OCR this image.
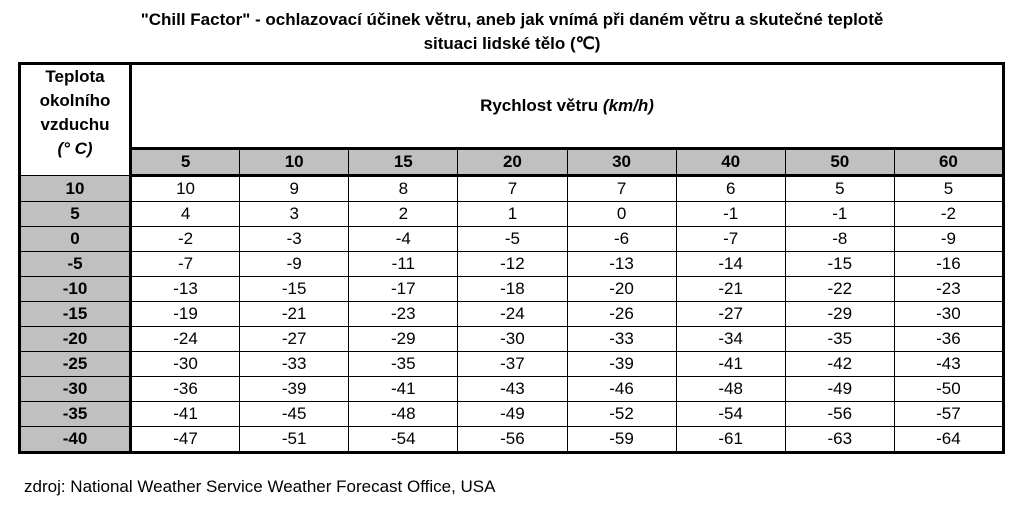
"Chill Factor" - ochlazovací účinek větru, aneb jak vnímá při daném větru a skutečné teplotě
situaci lidské tělo (℃)
Teplota
okolního
vzduchu
(° C)	Rychlost větru (km/h)							
	5	10	15	20	30	40	50	60
10	10	9	8	7	7	6	5	5
5	4	3	2	1	0	-1	-1	-2
0	-2	-3	-4	-5	-6	-7	-8	-9
-5	-7	-9	-11	-12	-13	-14	-15	-16
-10	-13	-15	-17	-18	-20	-21	-22	-23
-15	-19	-21	-23	-24	-26	-27	-29	-30
-20	-24	-27	-29	-30	-33	-34	-35	-36
-25	-30	-33	-35	-37	-39	-41	-42	-43
-30	-36	-39	-41	-43	-46	-48	-49	-50
-35	-41	-45	-48	-49	-52	-54	-56	-57
-40	-47	-51	-54	-56	-59	-61	-63	-64
zdroj: National Weather Service Weather Forecast Office, USA
